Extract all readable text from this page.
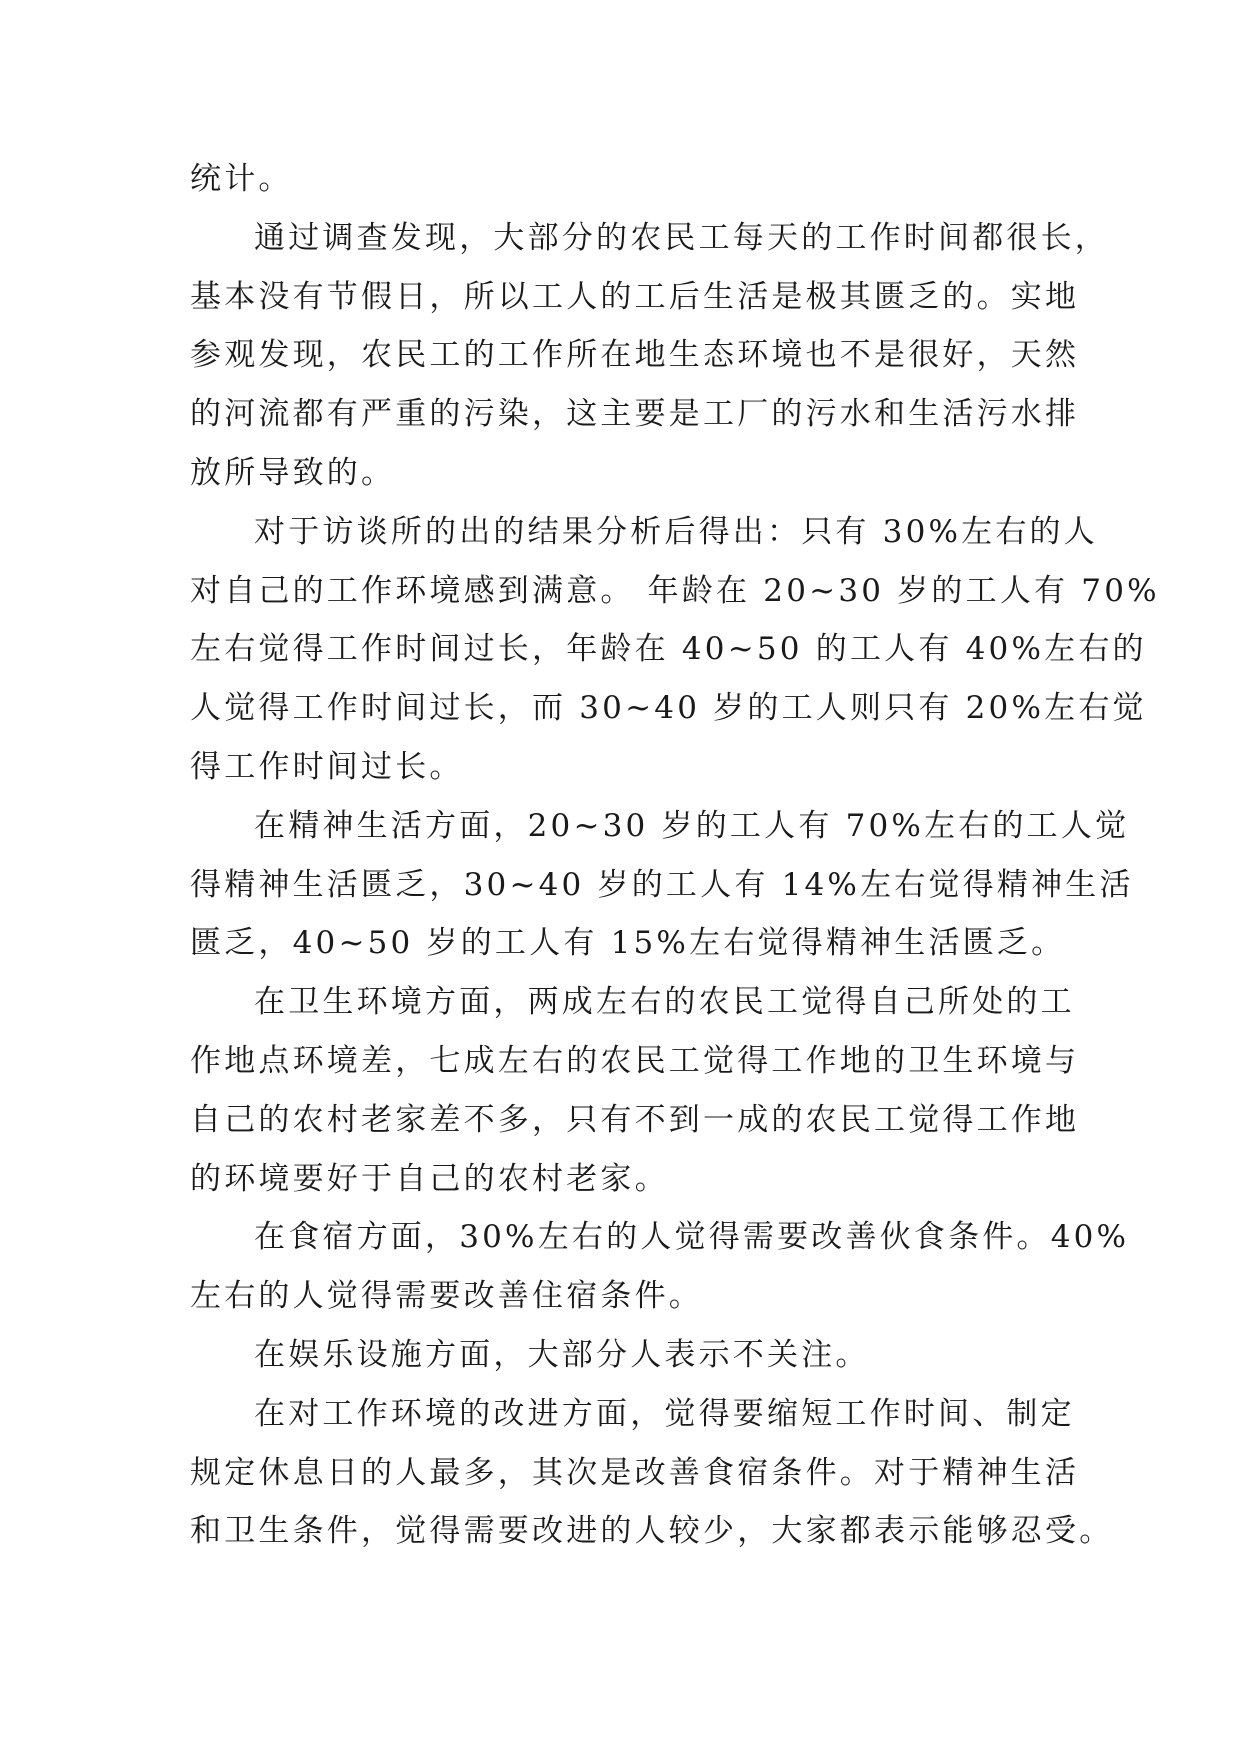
统计。

通过调查发现，大部分的农民工每天的工作时间都很长，

基本没有节假日，所以工人的工后生活是极其匮乏的。实地

参观发现，农民工的工作所在地生态环境也不是很好，天然

的河流都有严重的污染，这主要是工厂的污水和生活污水排

放所导致的。

对于访谈所的出的结果分析后得出：只有 30%左右的人

对自己的工作环境感到满意。 年龄在 20~30 岁的工人有 70%

左右觉得工作时间过长，年龄在 40~50 的工人有 40%左右的

人觉得工作时间过长，而 30~40 岁的工人则只有 20%左右觉

得工作时间过长。

在精神生活方面，20~30 岁的工人有 70%左右的工人觉

得精神生活匮乏，30~40 岁的工人有 14%左右觉得精神生活

匮乏，40~50 岁的工人有 15%左右觉得精神生活匮乏。

在卫生环境方面，两成左右的农民工觉得自己所处的工

作地点环境差，七成左右的农民工觉得工作地的卫生环境与

自己的农村老家差不多，只有不到一成的农民工觉得工作地

的环境要好于自己的农村老家。

在食宿方面，30%左右的人觉得需要改善伙食条件。40%

左右的人觉得需要改善住宿条件。

在娱乐设施方面，大部分人表示不关注。

在对工作环境的改进方面，觉得要缩短工作时间、制定

规定休息日的人最多，其次是改善食宿条件。对于精神生活

和卫生条件，觉得需要改进的人较少，大家都表示能够忍受。
